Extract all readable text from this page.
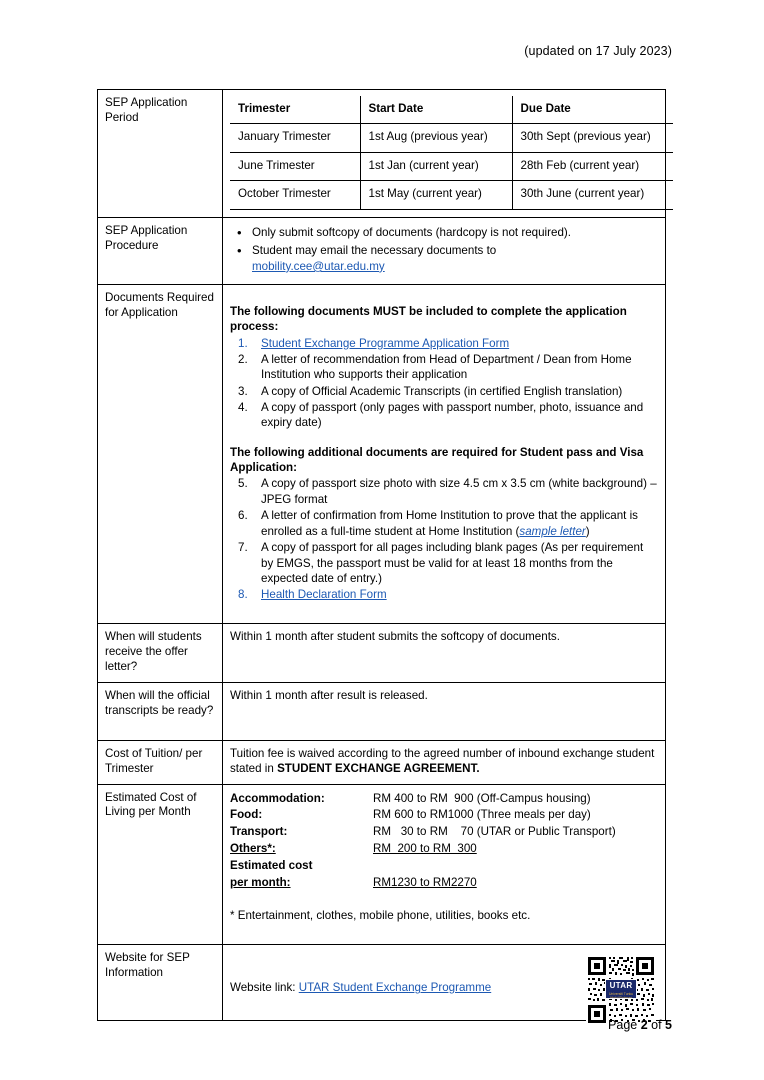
(updated on 17 July 2023)
SEP Application Period	
Trimester	Start Date	Due Date
January Trimester	1st Aug (previous year)	30th Sept (previous year)
June Trimester	1st Jan (current year)	28th Feb (current year)
October Trimester	1st May (current year)	30th June (current year)

SEP Application Procedure	
• Only submit softcopy of documents (hardcopy is not required).
• Student may email the necessary documents to
mobility.cee@utar.edu.my

Documents Required for Application	The following documents MUST be included to complete the application process:
1.	Student Exchange Programme Application Form
2.	A letter of recommendation from Head of Department / Dean from Home Institution who supports their application
3.	A copy of Official Academic Transcripts (in certified English translation)
4.	A copy of passport (only pages with passport number, photo, issuance and expiry date)
The following additional documents are required for Student pass and Visa Application:
5.	A copy of passport size photo with size 4.5 cm x 3.5 cm (white background) – JPEG format
6.	A letter of confirmation from Home Institution to prove that the applicant is enrolled as a full-time student at Home Institution (sample letter)
7.	A copy of passport for all pages including blank pages (As per requirement by EMGS, the passport must be valid for at least 18 months from the expected date of entry.)
8.	Health Declaration Form

When will students receive the offer letter?	Within 1 month after student submits the softcopy of documents.
When will the official transcripts be ready?	Within 1 month after result is released.
Cost of Tuition/ per Trimester	Tuition fee is waived according to the agreed number of inbound exchange student stated in STUDENT EXCHANGE AGREEMENT.
Estimated Cost of Living per Month	
Accommodation:	RM 400 to RM  900 (Off-Campus housing)
Food:	RM 600 to RM1000 (Three meals per day)
Transport:	RM   30 to RM    70 (UTAR or Public Transport)
Others*:	RM  200 to RM  300
Estimated cost
per month:	RM1230 to RM2270
* Entertainment, clothes, mobile phone, utilities, books etc.

Website for SEP Information	
Website link: UTAR Student Exchange Programme	UTAR
Universiti Tunku Abdul Rahman
Page 2 of 5
